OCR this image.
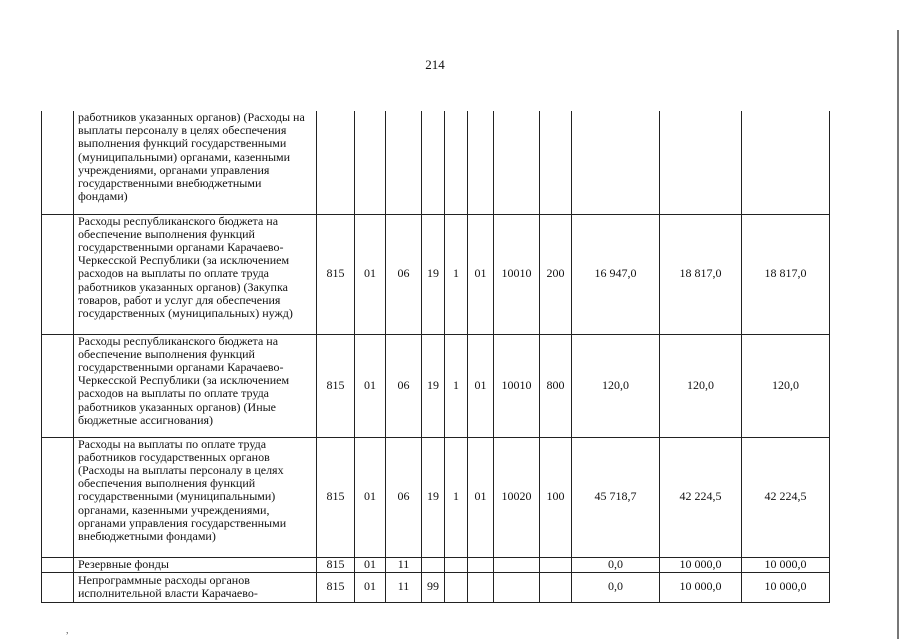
214
	работников указанных органов) (Расходы на выплаты персоналу в целях обеспечения выполнения функций государственными (муниципальными) органами, казенными учреждениями, органами управления государственными внебюджетными фондами)											
	Расходы республиканского бюджета на обеспечение выполнения функций государственными органами Карачаево-Черкесской Республики (за исключением расходов на выплаты по оплате труда работников указанных органов) (Закупка товаров, работ и услуг для обеспечения государственных (муниципальных) нужд)	815	01	06	19	1	01	10010	200	16 947,0	18 817,0	18 817,0
	Расходы республиканского бюджета на обеспечение выполнения функций государственными органами Карачаево-Черкесской Республики (за исключением расходов на выплаты по оплате труда работников указанных органов) (Иные бюджетные ассигнования)	815	01	06	19	1	01	10010	800	120,0	120,0	120,0
	Расходы на выплаты по оплате труда работников государственных органов (Расходы на выплаты персоналу в целях обеспечения выполнения функций государственными (муниципальными) органами, казенными учреждениями, органами управления государственными внебюджетными фондами)	815	01	06	19	1	01	10020	100	45 718,7	42 224,5	42 224,5
	Резервные фонды	815	01	11						0,0	10 000,0	10 000,0
	Непрограммные расходы органов исполнительной власти Карачаево-	815	01	11	99					0,0	10 000,0	10 000,0
,
